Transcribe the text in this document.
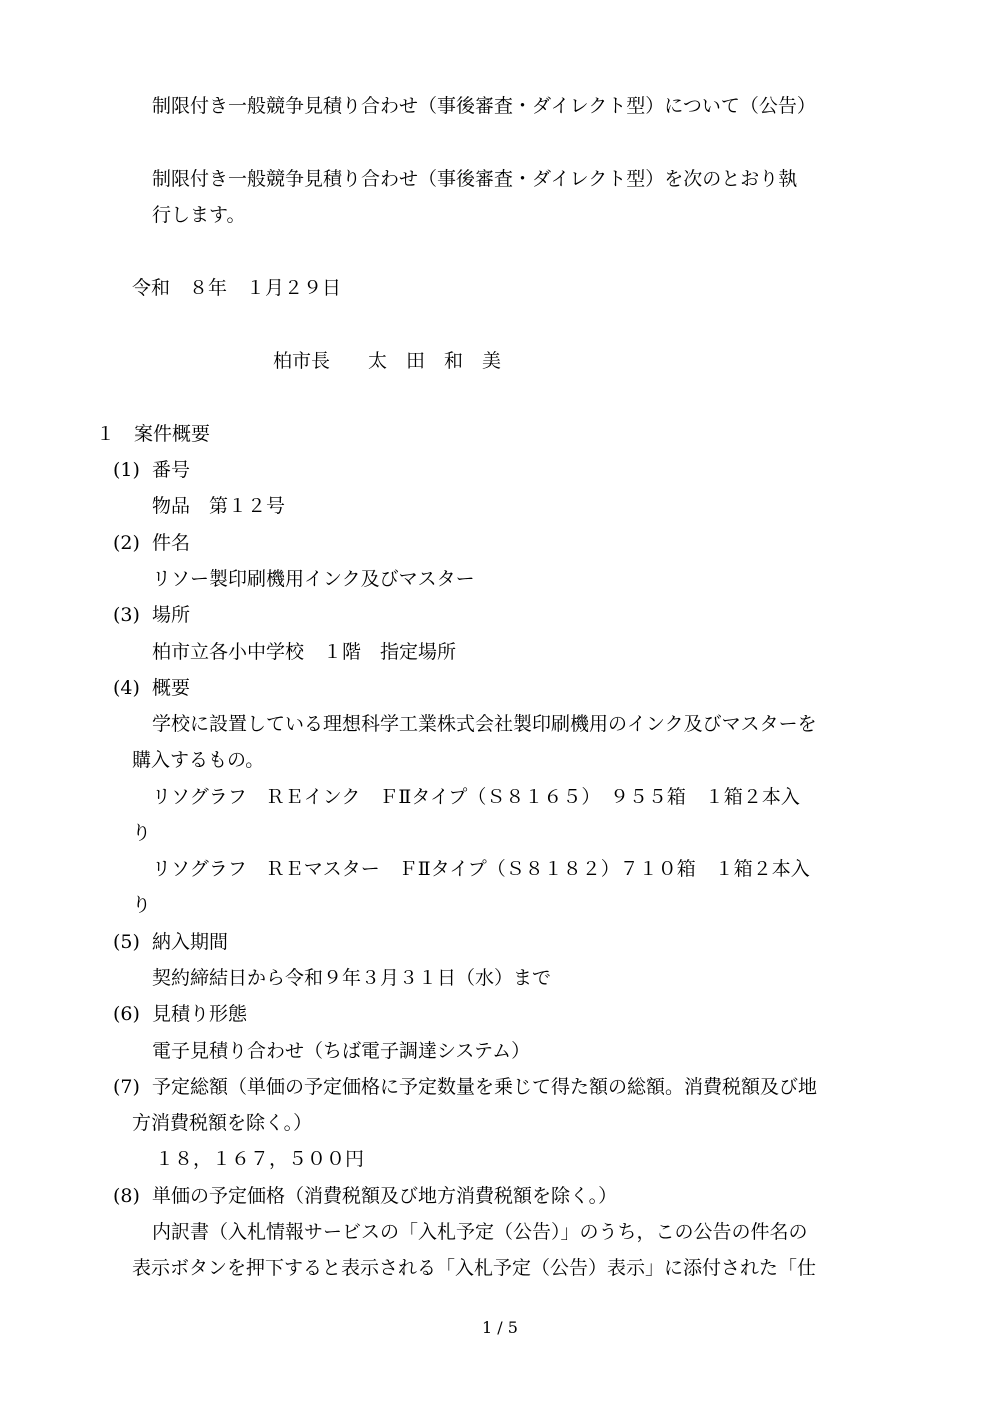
制限付き一般競争見積り合わせ（事後審査・ダイレクト型）について（公告）
制限付き一般競争見積り合わせ（事後審査・ダイレクト型）を次のとおり執
行します。
令和　８年　１月２９日
柏市長　　太　田　和　美
１　案件概要
(1) 番号
物品　第１２号
(2) 件名
リソー製印刷機用インク及びマスター
(3) 場所
柏市立各小中学校　１階　指定場所
(4) 概要
学校に設置している理想科学工業株式会社製印刷機用のインク及びマスターを
購入するもの。
リソグラフ　ＲＥインク　ＦⅡタイプ（Ｓ８１６５）　９５５箱　１箱２本入
り
リソグラフ　ＲＥマスター　ＦⅡタイプ（Ｓ８１８２）７１０箱　１箱２本入
り
(5) 納入期間
契約締結日から令和９年３月３１日（水）まで
(6) 見積り形態
電子見積り合わせ（ちば電子調達システム）
(7) 予定総額（単価の予定価格に予定数量を乗じて得た額の総額。消費税額及び地
方消費税額を除く。）
１８，１６７，５００円
(8) 単価の予定価格（消費税額及び地方消費税額を除く。）
内訳書（入札情報サービスの「入札予定（公告）」のうち，この公告の件名の
表示ボタンを押下すると表示される「入札予定（公告）表示」に添付された「仕
1 / 5
